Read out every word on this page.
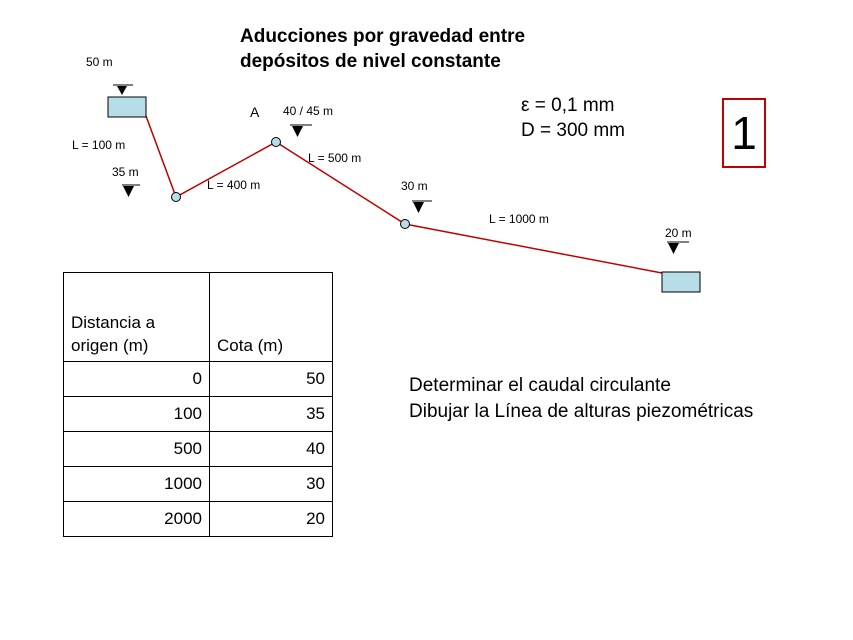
Aducciones por gravedad entre
depósitos de nivel constante
ε = 0,1 mm
D = 300 mm 1
50 m
35 m
40 / 45 m
30 m
20 m
A
L = 100 m
L = 400 m
L = 500 m
L = 1000 m
Distancia a
origen (m)	Cota (m)
0	50
100	35
500	40
1000	30
2000	20
Determinar el caudal circulante
Dibujar la Línea de alturas piezométricas
